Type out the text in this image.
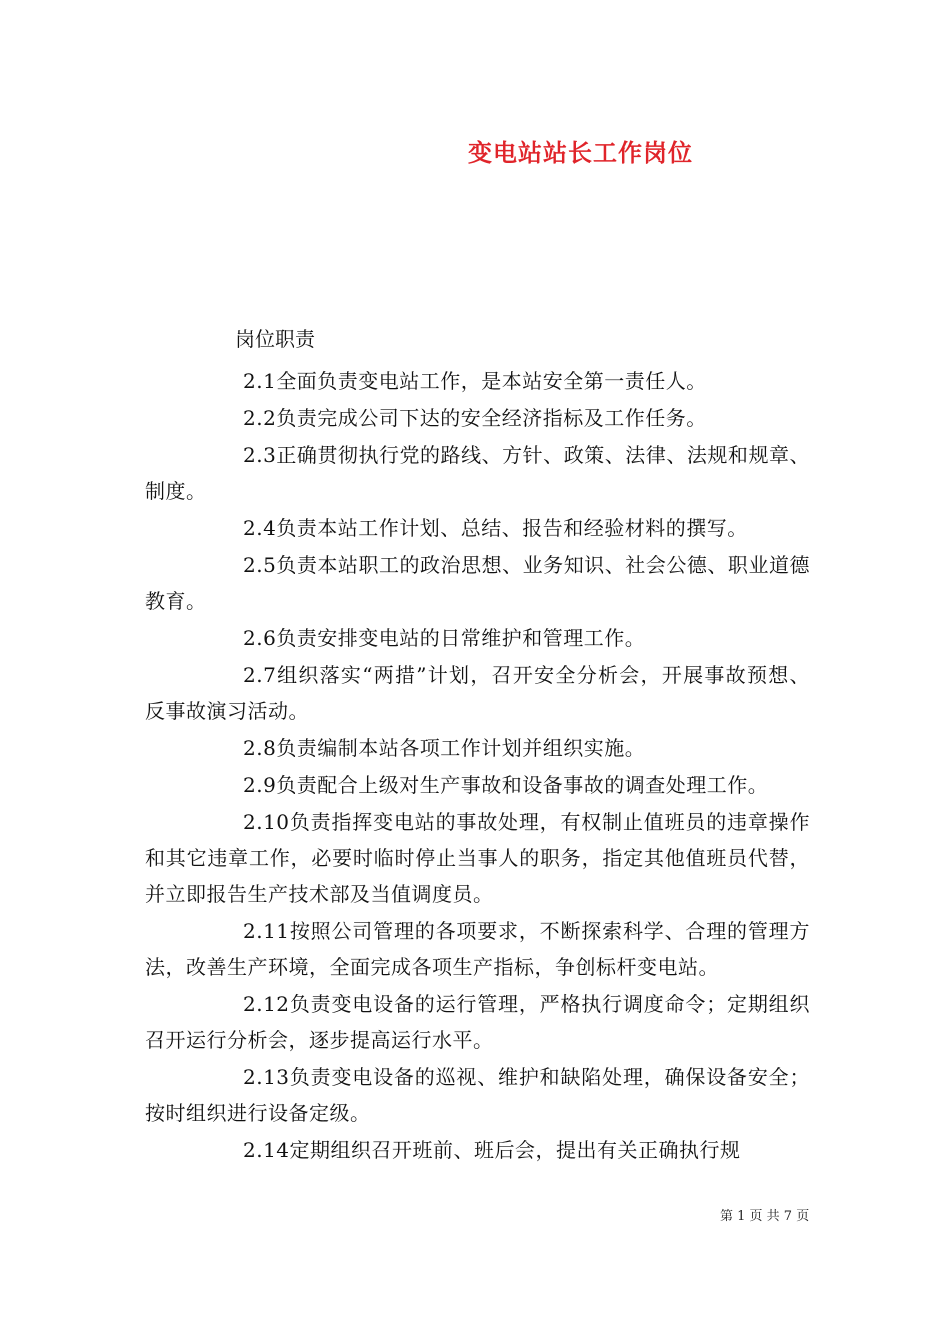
变电站站长工作岗位
岗位职责
2.1全面负责变电站工作，是本站安全第一责任人。
2.2负责完成公司下达的安全经济指标及工作任务。
2.3正确贯彻执行党的路线、方针、政策、法律、法规和规章、制度。
2.4负责本站工作计划、总结、报告和经验材料的撰写。
2.5负责本站职工的政治思想、业务知识、社会公德、职业道德教育。
2.6负责安排变电站的日常维护和管理工作。
2.7组织落实“两措”计划，召开安全分析会，开展事故预想、反事故演习活动。
2.8负责编制本站各项工作计划并组织实施。
2.9负责配合上级对生产事故和设备事故的调查处理工作。
2.10负责指挥变电站的事故处理，有权制止值班员的违章操作和其它违章工作，必要时临时停止当事人的职务，指定其他值班员代替，并立即报告生产技术部及当值调度员。
2.11按照公司管理的各项要求，不断探索科学、合理的管理方法，改善生产环境，全面完成各项生产指标，争创标杆变电站。
2.12负责变电设备的运行管理，严格执行调度命令；定期组织召开运行分析会，逐步提高运行水平。
2.13负责变电设备的巡视、维护和缺陷处理，确保设备安全；按时组织进行设备定级。
2.14定期组织召开班前、班后会，提出有关正确执行规
第 1 页 共 7 页
